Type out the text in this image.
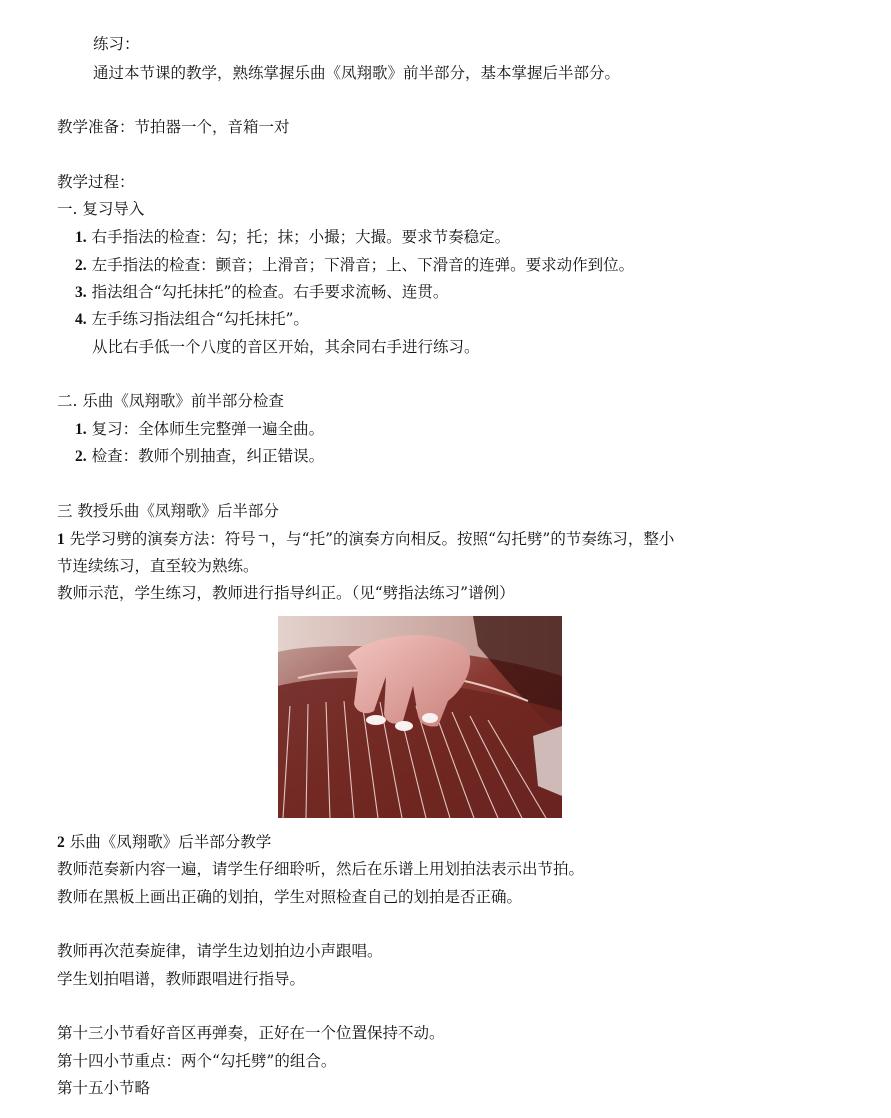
练习：
通过本节课的教学，熟练掌握乐曲《凤翔歌》前半部分，基本掌握后半部分。
教学准备：节拍器一个，音箱一对
教学过程：
一. 复习导入
1. 右手指法的检查：勾；托；抹；小撮；大撮。要求节奏稳定。
2. 左手指法的检查：颤音；上滑音；下滑音；上、下滑音的连弹。要求动作到位。
3. 指法组合“勾托抹托”的检查。右手要求流畅、连贯。
4. 左手练习指法组合“勾托抹托”。
从比右手低一个八度的音区开始，其余同右手进行练习。
二. 乐曲《凤翔歌》前半部分检查
1. 复习：全体师生完整弹一遍全曲。
2. 检查：教师个别抽查，纠正错误。
三 教授乐曲《凤翔歌》后半部分
1 先学习劈的演奏方法：符号ㄱ，与“托”的演奏方向相反。按照“勾托劈”的节奏练习，整小
节连续练习，直至较为熟练。
教师示范，学生练习，教师进行指导纠正。（见“劈指法练习”谱例）
2 乐曲《凤翔歌》后半部分教学
教师范奏新内容一遍，请学生仔细聆听，然后在乐谱上用划拍法表示出节拍。
教师在黑板上画出正确的划拍，学生对照检查自己的划拍是否正确。
教师再次范奏旋律，请学生边划拍边小声跟唱。
学生划拍唱谱，教师跟唱进行指导。
第十三小节看好音区再弹奏，正好在一个位置保持不动。
第十四小节重点：两个“勾托劈”的组合。
第十五小节略
